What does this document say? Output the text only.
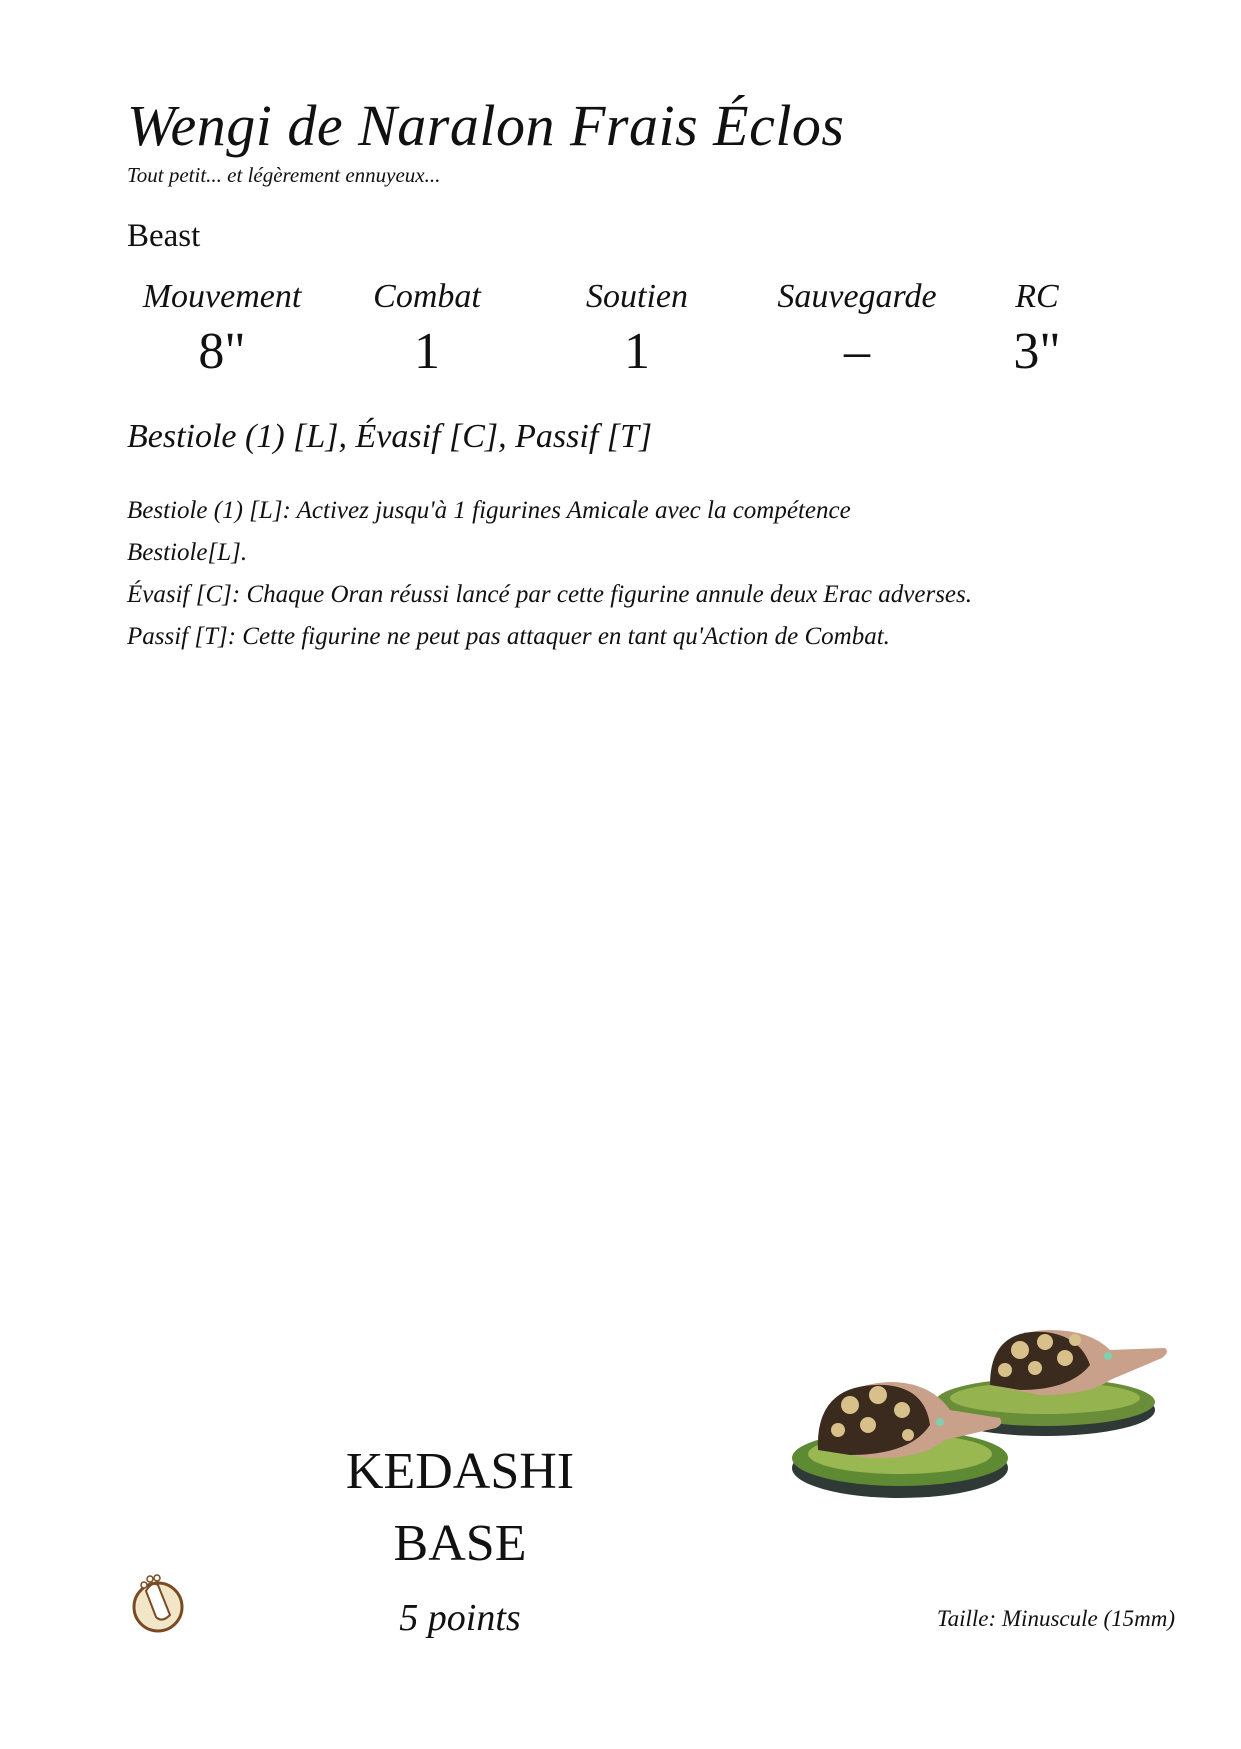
Wengi de Naralon Frais Éclos
Tout petit... et légèrement ennuyeux...
Beast
Mouvement
8"
Combat
1
Soutien
1
Sauvegarde
–
RC
3"
Bestiole (1) [L], Évasif [C], Passif [T]
Bestiole (1) [L]: Activez jusqu'à 1 figurines Amicale avec la compétence
Bestiole[L].
Évasif [C]: Chaque Oran réussi lancé par cette figurine annule deux Erac adverses.
Passif [T]: Cette figurine ne peut pas attaquer en tant qu'Action de Combat.
KEDASHI
BASE
5 points	Taille: Minuscule (15mm)
